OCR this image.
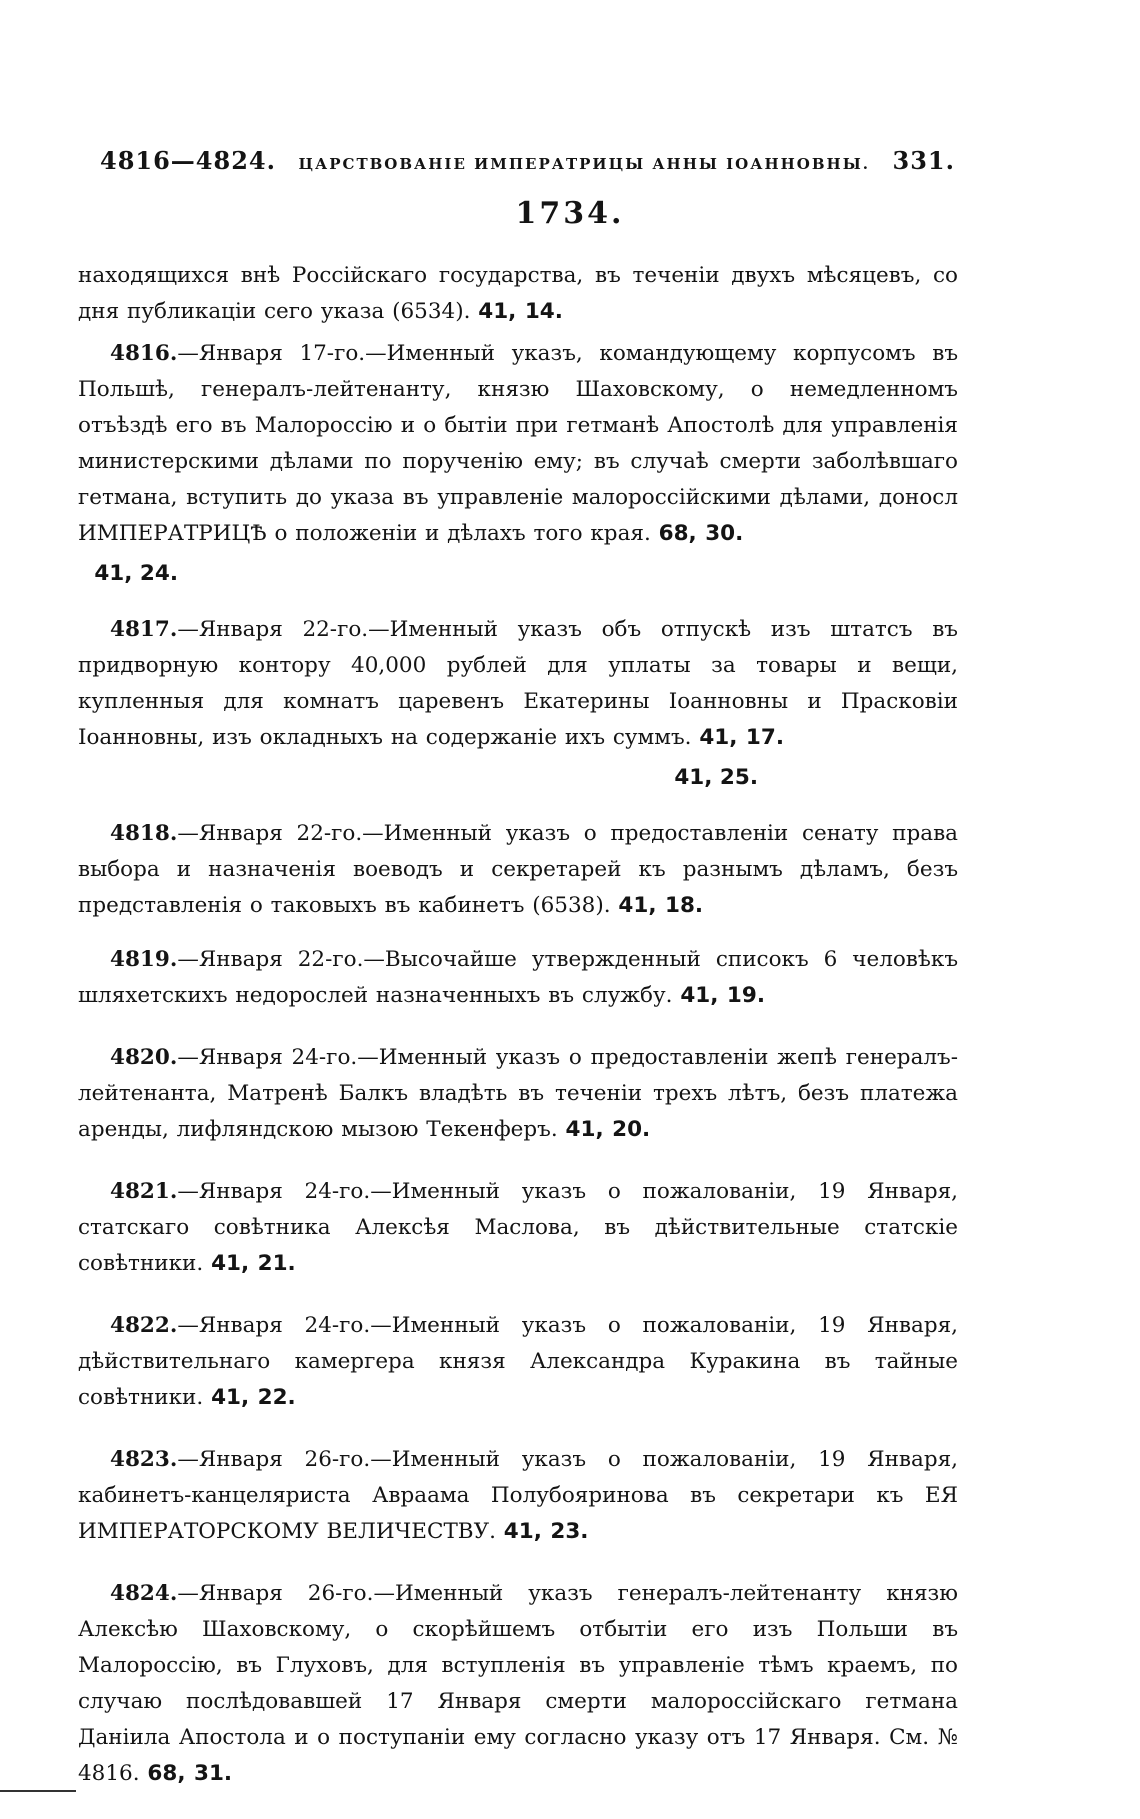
4816—4824. ЦАРСТВОВАНІЕ ИМПЕРАТРИЦЫ АННЫ ІОАННОВНЫ. 331.
1734.

находящихся внѣ Россійскаго государства, въ теченіи двухъ мѣсяцевъ, со дня публикаціи сего указа (6534). 41, 14.

4816.—Января 17-го.—Именный указъ, командующему корпусомъ въ Польшѣ, генералъ-лейтенанту, князю Шаховскому, о немедленномъ отъѣздѣ его въ Малороссію и о бытіи при гетманѣ Апостолѣ для управленія министерскими дѣлами по порученію ему; въ случаѣ смерти заболѣвшаго гетмана, вступить до указа въ управленіе малороссійскими дѣлами, доносл ИМПЕРАТРИЦѢ о положеніи и дѣлахъ того края. 68, 30.

41, 24.

4817.—Января 22-го.—Именный указъ объ отпускѣ изъ штатсъ въ придворную контору 40,000 рублей для уплаты за товары и вещи, купленныя для комнатъ царевенъ Екатерины Іоанновны и Прасковіи Іоанновны, изъ окладныхъ на содержаніе ихъ суммъ. 41, 17.

41, 25.

4818.—Января 22-го.—Именный указъ о предоставленіи сенату права выбора и назначенія воеводъ и секретарей къ разнымъ дѣламъ, безъ представленія о таковыхъ въ кабинетъ (6538). 41, 18.

4819.—Января 22-го.—Высочайше утвержденный списокъ 6 человѣкъ шляхетскихъ недорослей назначенныхъ въ службу. 41, 19.

4820.—Января 24-го.—Именный указъ о предоставленіи жепѣ генералъ-лейтенанта, Матренѣ Балкъ владѣть въ теченіи трехъ лѣтъ, безъ платежа аренды, лифляндскою мызою Текенферъ. 41, 20.

4821.—Января 24-го.—Именный указъ о пожалованіи, 19 Января, статскаго совѣтника Алексѣя Маслова, въ дѣйствительные статскіе совѣтники. 41, 21.

4822.—Января 24-го.—Именный указъ о пожалованіи, 19 Января, дѣйствительнаго камергера князя Александра Куракина въ тайные совѣтники. 41, 22.

4823.—Января 26-го.—Именный указъ о пожалованіи, 19 Января, кабинетъ-канцеляриста Авраама Полубояринова въ секретари къ ЕЯ ИМПЕРАТОРСКОМУ ВЕЛИЧЕСТВУ. 41, 23.

4824.—Января 26-го.—Именный указъ генералъ-лейтенанту князю Алексѣю Шаховскому, о скорѣйшемъ отбытіи его изъ Польши въ Малороссію, въ Глуховъ, для вступленія въ управленіе тѣмъ краемъ, по случаю послѣдовавшей 17 Января смерти малороссійскаго гетмана Даніила Апостола и о поступаніи ему согласно указу отъ 17 Января. См. № 4816. 68, 31.
